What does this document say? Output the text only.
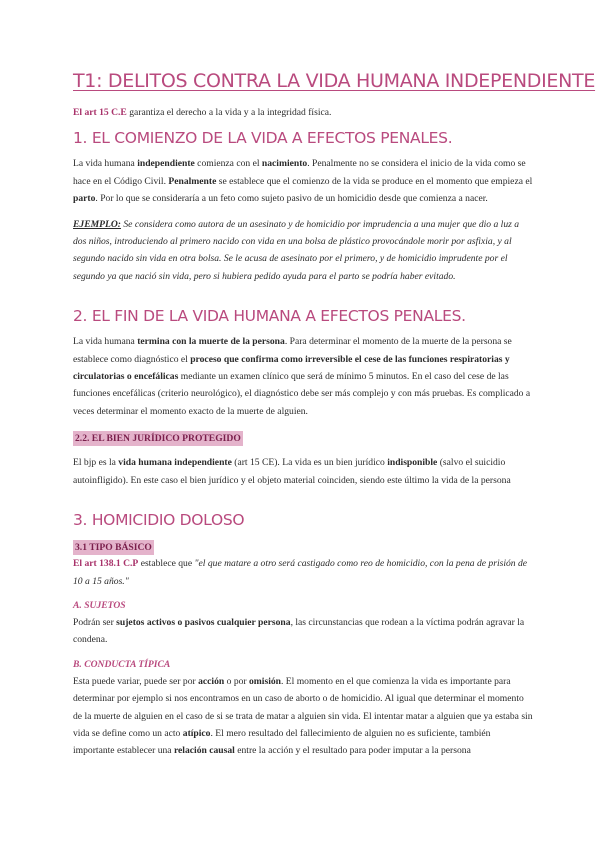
T1: DELITOS CONTRA LA VIDA HUMANA INDEPENDIENTE

El art 15 C.E garantiza el derecho a la vida y a la integridad física.

1. EL COMIENZO DE LA VIDA A EFECTOS PENALES.

La vida humana independiente comienza con el nacimiento. Penalmente no se considera el inicio de la vida como se hace en el Código Civil. Penalmente se establece que el comienzo de la vida se produce en el momento que empieza el parto. Por lo que se consideraría a un feto como sujeto pasivo de un homicidio desde que comienza a nacer.

EJEMPLO: Se considera como autora de un asesinato y de homicidio por imprudencia a una mujer que dio a luz a dos niños, introduciendo al primero nacido con vida en una bolsa de plástico provocándole morir por asfixia, y al segundo nacido sin vida en otra bolsa. Se le acusa de asesinato por el primero, y de homicidio imprudente por el segundo ya que nació sin vida, pero si hubiera pedido ayuda para el parto se podría haber evitado.

2. EL FIN DE LA VIDA HUMANA A EFECTOS PENALES.

La vida humana termina con la muerte de la persona. Para determinar el momento de la muerte de la persona se establece como diagnóstico el proceso que confirma como irreversible el cese de las funciones respiratorias y circulatorias o encefálicas mediante un examen clínico que será de mínimo 5 minutos. En el caso del cese de las funciones encefálicas (criterio neurológico), el diagnóstico debe ser más complejo y con más pruebas. Es complicado a veces determinar el momento exacto de la muerte de alguien.

2.2. EL BIEN JURÍDICO PROTEGIDO

El bjp es la vida humana independiente (art 15 CE). La vida es un bien jurídico indisponible (salvo el suicidio autoinfligido). En este caso el bien jurídico y el objeto material coinciden, siendo este último la vida de la persona

3. HOMICIDIO DOLOSO
3.1 TIPO BÁSICO

El art 138.1 C.P establece que "el que matare a otro será castigado como reo de homicidio, con la pena de prisión de 10 a 15 años."

A. SUJETOS

Podrán ser sujetos activos o pasivos cualquier persona, las circunstancias que rodean a la víctima podrán agravar la condena.

B. CONDUCTA TÍPICA

Esta puede variar, puede ser por acción o por omisión. El momento en el que comienza la vida es importante para determinar por ejemplo si nos encontramos en un caso de aborto o de homicidio. Al igual que determinar el momento de la muerte de alguien en el caso de si se trata de matar a alguien sin vida. El intentar matar a alguien que ya estaba sin vida se define como un acto atípico. El mero resultado del fallecimiento de alguien no es suficiente, también importante establecer una relación causal entre la acción y el resultado para poder imputar a la persona
